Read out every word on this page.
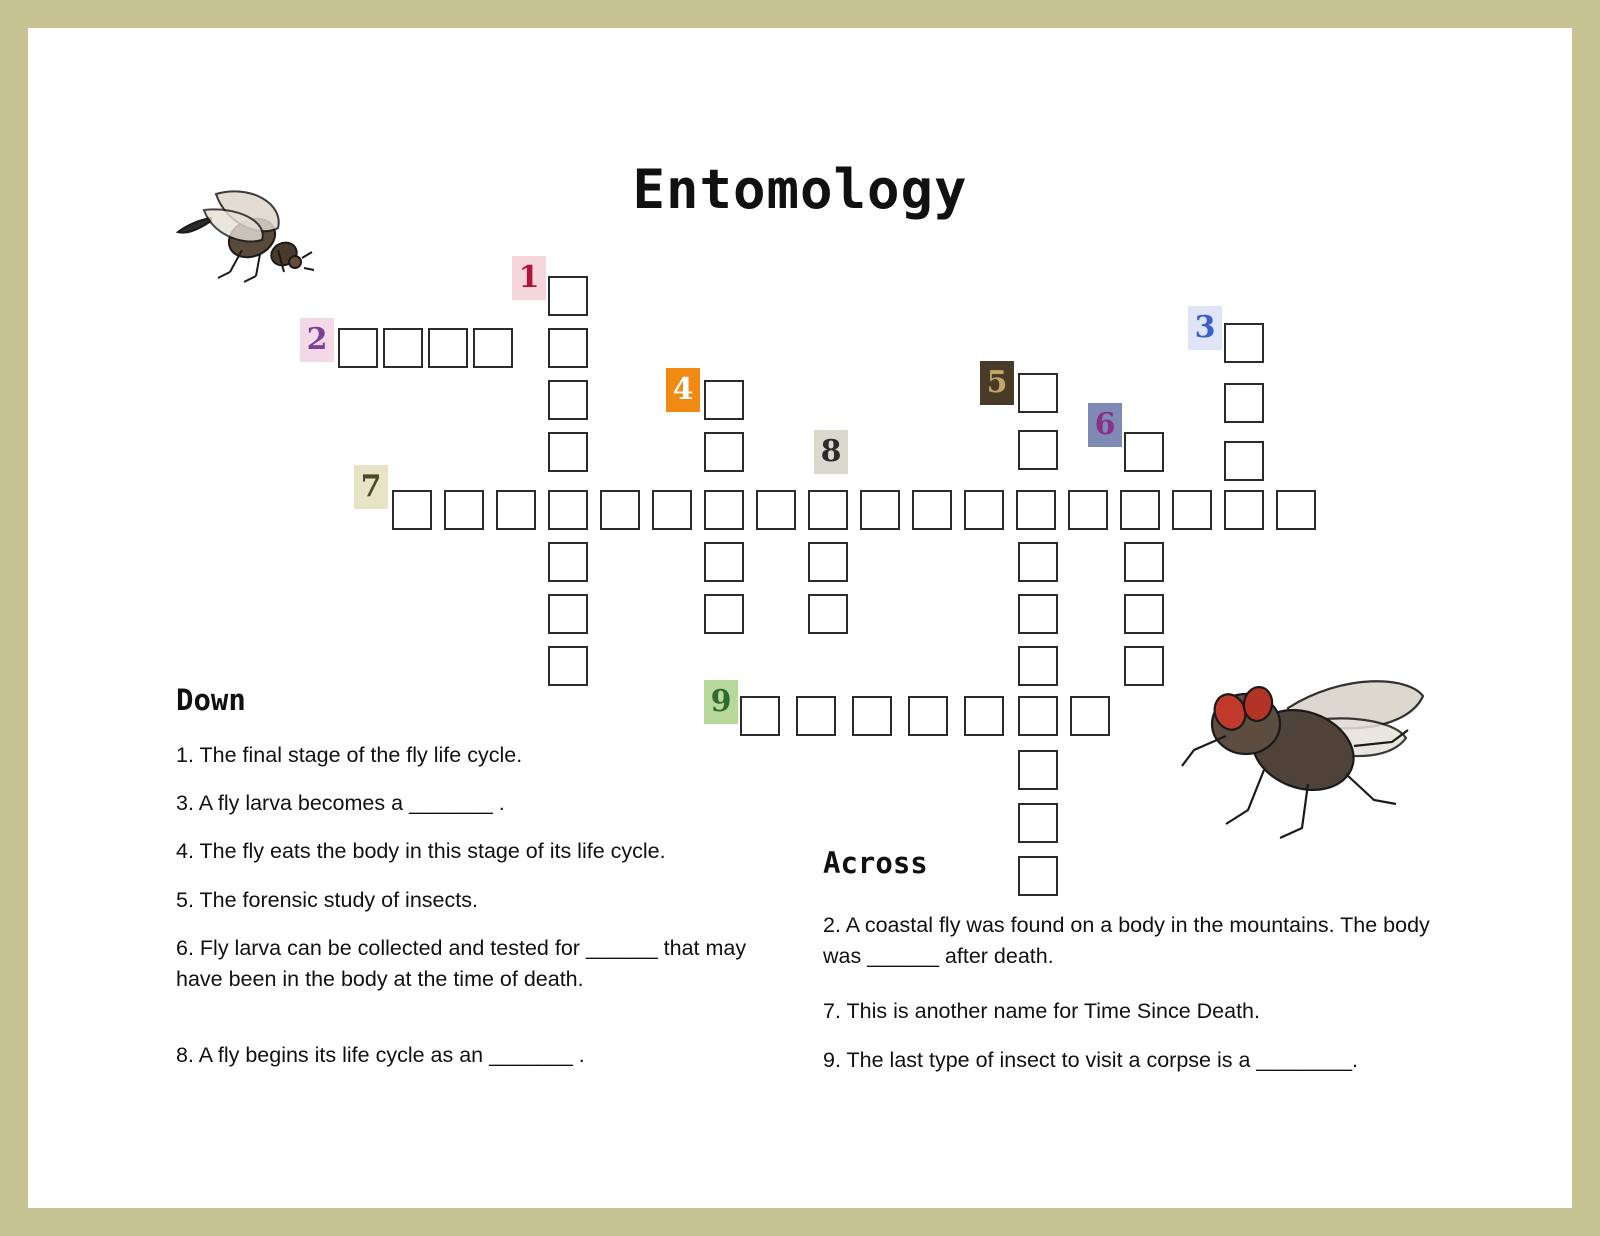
Entomology
1
2	3
4	5
6
7
8
9
Down
1. The final stage of the fly life cycle.
3. A fly larva becomes a _______ .
4. The fly eats the body in this stage of its life cycle.
5. The forensic study of insects.
6. Fly larva can be collected and tested for ______ that may have been in the body at the time of death.
8. A fly begins its life cycle as an _______ .
Across
2. A coastal fly was found on a body in the mountains. The body was ______ after death.
7. This is another name for Time Since Death.
9. The last type of insect to visit a corpse is a ________.
